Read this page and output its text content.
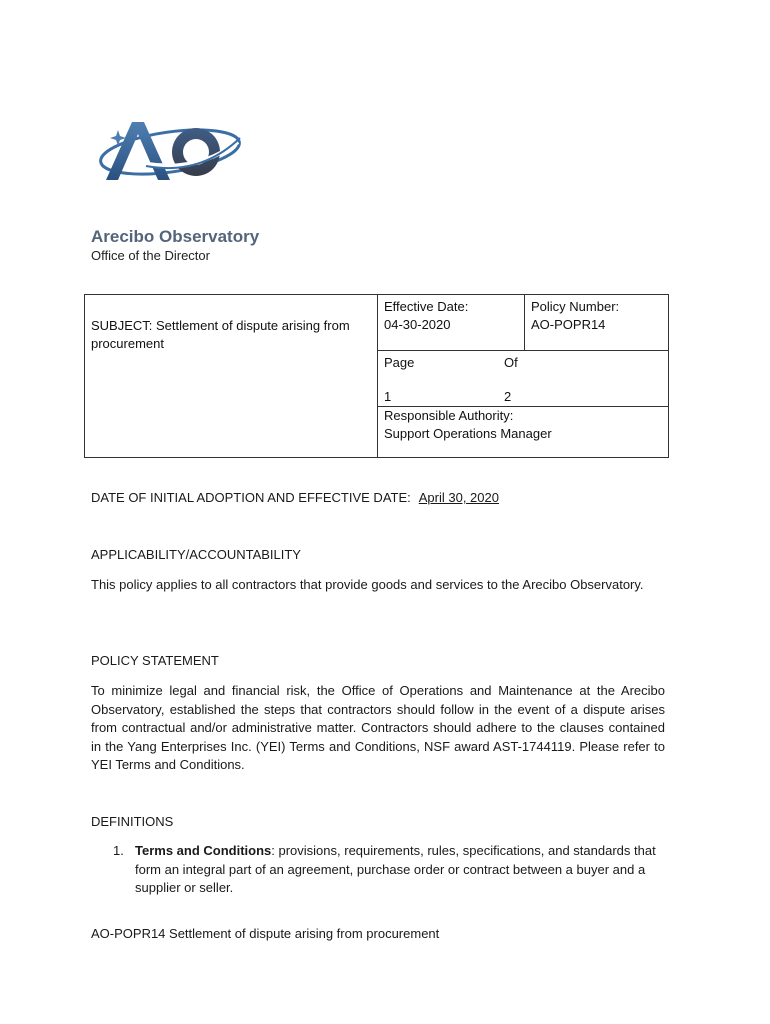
Arecibo Observatory
Office of the Director
SUBJECT: Settlement of dispute arising from procurement

Effective Date:
04-30-2020

Policy Number:
AO-POPR14

Page	Of
1	2

Responsible Authority:
Support Operations Manager
DATE OF INITIAL ADOPTION AND EFFECTIVE DATE: April 30, 2020
APPLICABILITY/ACCOUNTABILITY
This policy applies to all contractors that provide goods and services to the Arecibo Observatory.
POLICY STATEMENT
To minimize legal and financial risk, the Office of Operations and Maintenance at the Arecibo Observatory, established the steps that contractors should follow in the event of a dispute arises from contractual and/or administrative matter. Contractors should adhere to the clauses contained in the Yang Enterprises Inc. (YEI) Terms and Conditions, NSF award AST-1744119. Please refer to YEI Terms and Conditions.
DEFINITIONS
1. Terms and Conditions: provisions, requirements, rules, specifications, and standards that form an integral part of an agreement, purchase order or contract between a buyer and a supplier or seller.
AO-POPR14 Settlement of dispute arising from procurement
